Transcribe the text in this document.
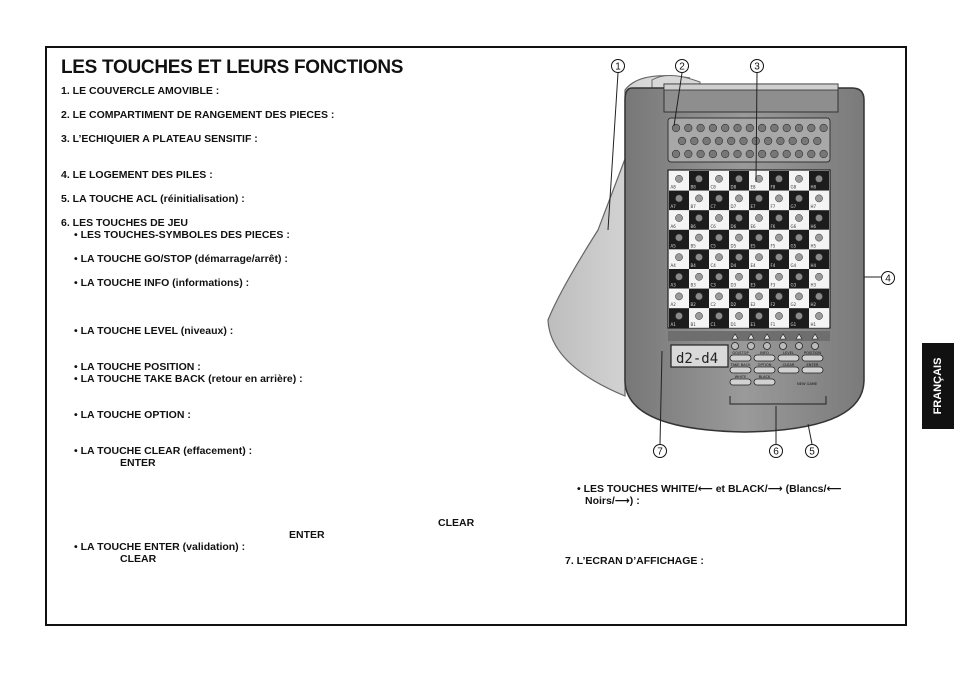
LES TOUCHES ET LEURS FONCTIONS
1. LE COUVERCLE AMOVIBLE :
2. LE COMPARTIMENT DE RANGEMENT DES PIECES :
3. L’ECHIQUIER A PLATEAU SENSITIF :
4. LE LOGEMENT DES PILES :
5. LA TOUCHE ACL (réinitialisation) :
6. LES TOUCHES DE JEU
• LES TOUCHES-SYMBOLES DES PIECES :
• LA TOUCHE GO/STOP (démarrage/arrêt) :
• LA TOUCHE INFO (informations) :
• LA TOUCHE LEVEL (niveaux) :
• LA TOUCHE POSITION :
• LA TOUCHE TAKE BACK (retour en arrière) :
• LA TOUCHE OPTION :
• LA TOUCHE CLEAR (effacement) :
ENTER
CLEAR
ENTER
• LA TOUCHE ENTER (validation) :
CLEAR
• LES TOUCHES WHITE/⟵ et BLACK/⟶ (Blancs/⟵
Noirs/⟶) :
7. L’ECRAN D’AFFICHAGE :
FRANÇAIS
A8	B8	C8	D8	E8	F8	G8	H8
A7	B7	C7	D7	E7	F7	G7	H7
A6	B6	C6	D6	E6	F6	G6	H6
A5	B5	C5	D5	E5	F5	G5	H5
A4	B4	C4	D4	E4	F4	G4	H4
A3	B3	C3	D3	E3	F3	G3	H3
A2	B2	C2	D2	E2	F2	G2	H2
A1	B1	C1	D1	E1	F1	G1	H1
d2-d4	GO/STOP	INFO	LEVEL	POSITION
TAKE BACK OPTION	CLEAR	ENTER
WHITE	BLACK
NEW GAME
1	2	3
4
5
6
7
